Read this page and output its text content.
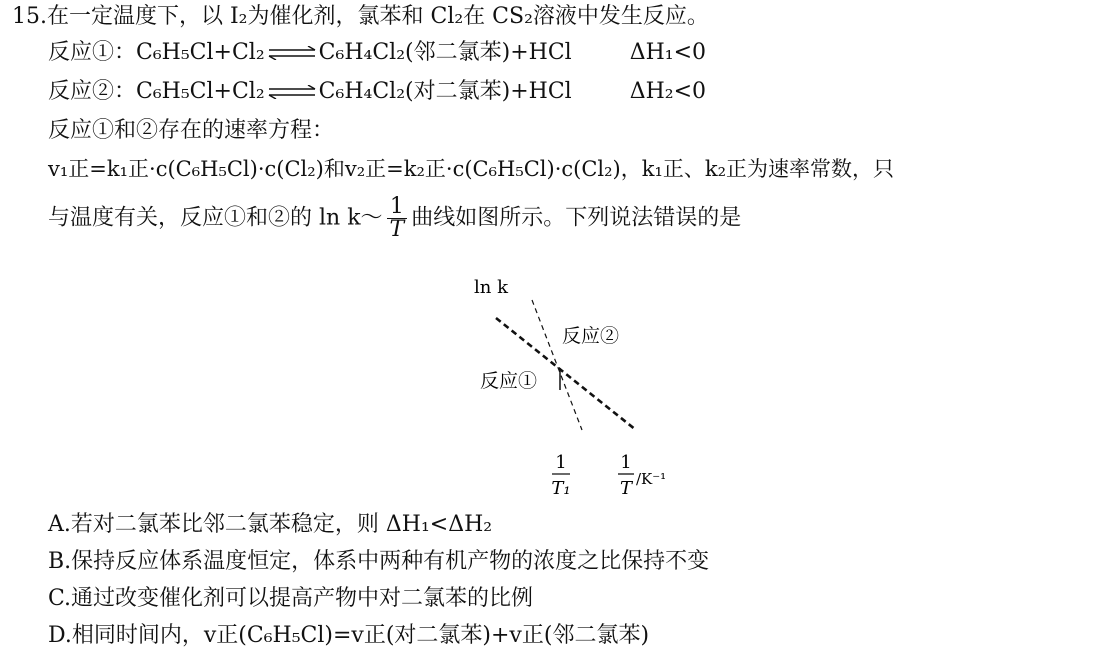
15.在一定温度下，以 I₂为催化剂，氯苯和 Cl₂在 CS₂溶液中发生反应。
反应①：C₆H₅Cl+Cl₂ ⇌ C₆H₄Cl₂(邻二氯苯)+HCl	ΔH₁<0
反应②：C₆H₅Cl+Cl₂ ⇌ C₆H₄Cl₂(对二氯苯)+HCl	ΔH₂<0
反应①和②存在的速率方程：
v₁正=k₁正·c(C₆H₅Cl)·c(Cl₂)和v₂正=k₂正·c(C₆H₅Cl)·c(Cl₂)，k₁正、k₂正为速率常数，只
与温度有关，反应①和②的 ln k～ $\frac{1}{T}$ 曲线如图所示。下列说法错误的是
ln k
反应②
反应①
1
T₁
1
T /K⁻¹
A.若对二氯苯比邻二氯苯稳定，则 ΔH₁<ΔH₂
B.保持反应体系温度恒定，体系中两种有机产物的浓度之比保持不变
C.通过改变催化剂可以提高产物中对二氯苯的比例
D.相同时间内，v正(C₆H₅Cl)=v正(对二氯苯)+v正(邻二氯苯)
